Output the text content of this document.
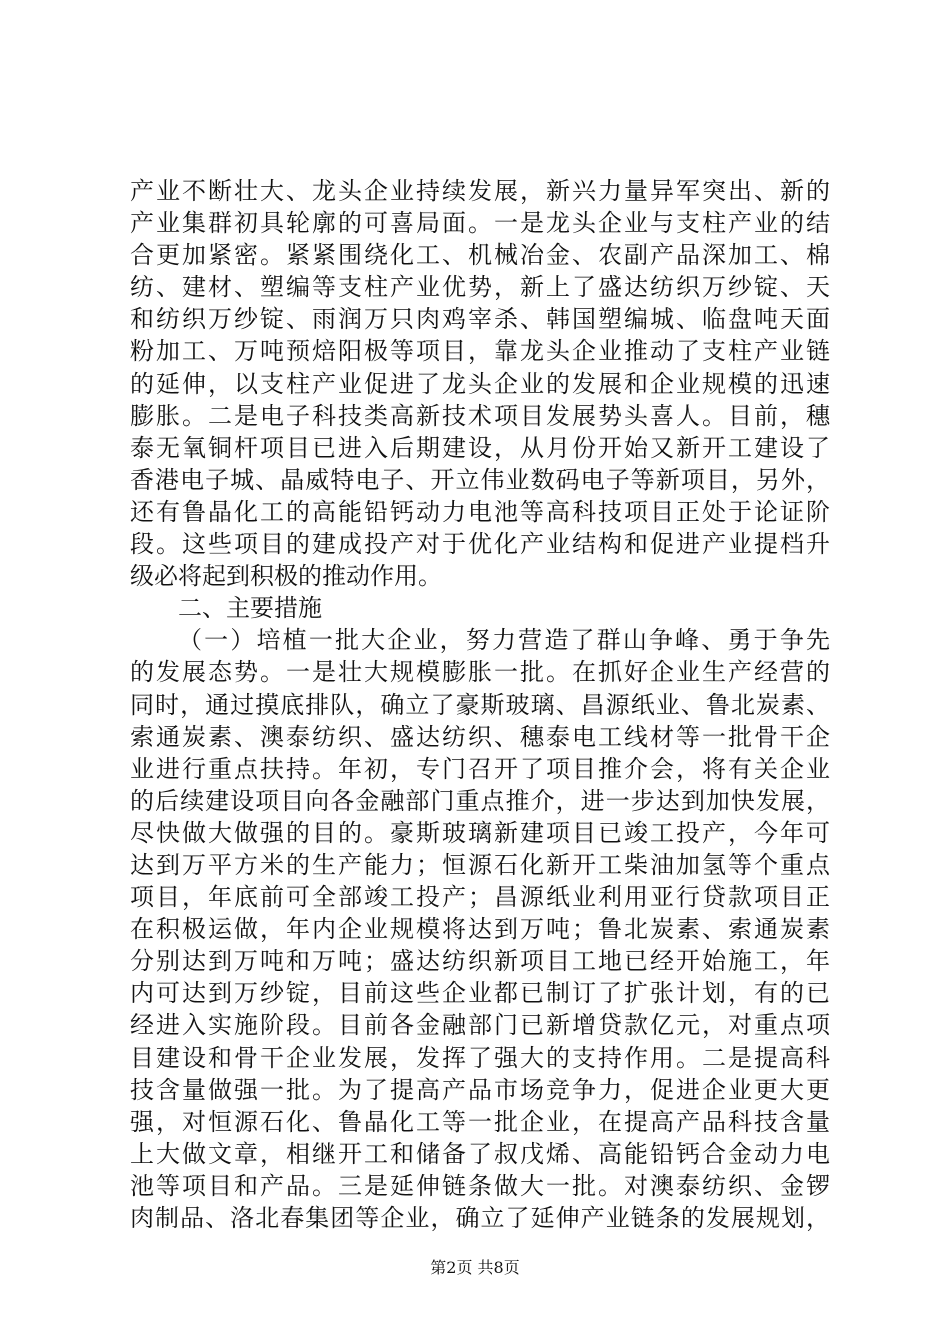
产业不断壮大、龙头企业持续发展，新兴力量异军突出、新的
产业集群初具轮廓的可喜局面。一是龙头企业与支柱产业的结
合更加紧密。紧紧围绕化工、机械冶金、农副产品深加工、棉
纺、建材、塑编等支柱产业优势，新上了盛达纺织万纱锭、天
和纺织万纱锭、雨润万只肉鸡宰杀、韩国塑编城、临盘吨天面
粉加工、万吨预焙阳极等项目，靠龙头企业推动了支柱产业链
的延伸，以支柱产业促进了龙头企业的发展和企业规模的迅速
膨胀。二是电子科技类高新技术项目发展势头喜人。目前，穗
泰无氧铜杆项目已进入后期建设，从月份开始又新开工建设了
香港电子城、晶威特电子、开立伟业数码电子等新项目，另外，
还有鲁晶化工的高能铅钙动力电池等高科技项目正处于论证阶
段。这些项目的建成投产对于优化产业结构和促进产业提档升
级必将起到积极的推动作用。
二、主要措施
（一）培植一批大企业，努力营造了群山争峰、勇于争先
的发展态势。一是壮大规模膨胀一批。在抓好企业生产经营的
同时，通过摸底排队，确立了豪斯玻璃、昌源纸业、鲁北炭素、
索通炭素、澳泰纺织、盛达纺织、穗泰电工线材等一批骨干企
业进行重点扶持。年初，专门召开了项目推介会，将有关企业
的后续建设项目向各金融部门重点推介，进一步达到加快发展，
尽快做大做强的目的。豪斯玻璃新建项目已竣工投产，今年可
达到万平方米的生产能力；恒源石化新开工柴油加氢等个重点
项目，年底前可全部竣工投产；昌源纸业利用亚行贷款项目正
在积极运做，年内企业规模将达到万吨；鲁北炭素、索通炭素
分别达到万吨和万吨；盛达纺织新项目工地已经开始施工，年
内可达到万纱锭，目前这些企业都已制订了扩张计划，有的已
经进入实施阶段。目前各金融部门已新增贷款亿元，对重点项
目建设和骨干企业发展，发挥了强大的支持作用。二是提高科
技含量做强一批。为了提高产品市场竞争力，促进企业更大更
强，对恒源石化、鲁晶化工等一批企业，在提高产品科技含量
上大做文章，相继开工和储备了叔戊烯、高能铅钙合金动力电
池等项目和产品。三是延伸链条做大一批。对澳泰纺织、金锣
肉制品、洛北春集团等企业，确立了延伸产业链条的发展规划，
第2页 共8页
